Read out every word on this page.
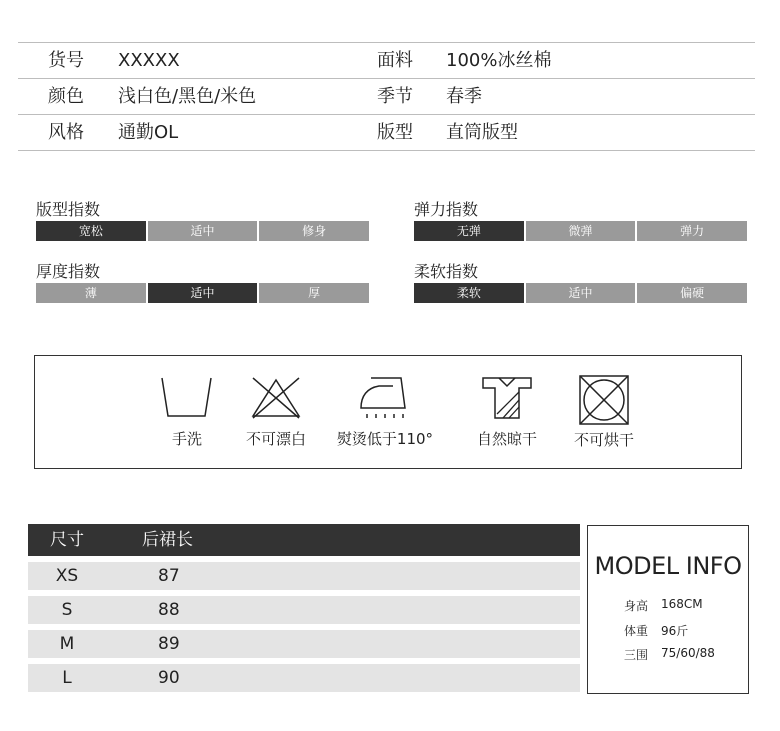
货号 XXXXX	面料 100%冰丝棉
颜色 浅白色/黑色/米色	季节 春季
风格 通勤OL	版型 直筒版型
版型指数
宽松	适中	修身
弹力指数
无弹	微弹	弹力
厚度指数
薄	适中	厚
柔软指数
柔软	适中	偏硬
手洗	不可漂白	熨烫低于110°	自然晾干	不可烘干
尺寸	后裙长
XS	87
S	88
M	89
L	90
MODEL INFO
身高 168CM
体重 96斤
三围 75/60/88
